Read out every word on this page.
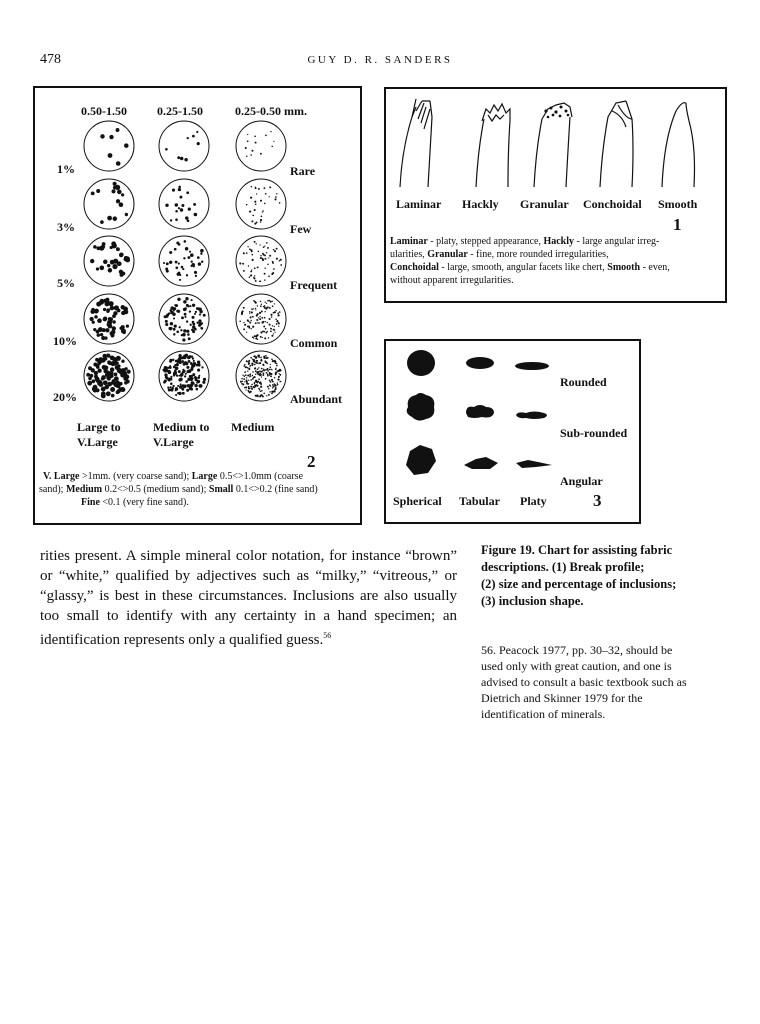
478	GUY D. R. SANDERS
0.50-1.50	0.25-1.50	0.25-0.50 mm.
1%
3%
5%
10%
20%
Rare
Few
Frequent
Common
Abundant
Large to
V.Large
Medium to
V.Large
Medium
2
V. Large >1mm. (very coarse sand); Large 0.5<>1.0mm (coarse
sand); Medium 0.2<>0.5 (medium sand); Small 0.1<>0.2 (fine sand)
Fine <0.1 (very fine sand).
Laminar Hackly Granular Conchoidal Smooth
1
Laminar - platy, stepped appearance, Hackly - large angular irreg-
ularities, Granular - fine, more rounded irregularities,
Conchoidal - large, smooth, angular facets like chert, Smooth - even,
without apparent irregularities.
Rounded
Sub-rounded
Angular
Spherical Tabular Platy	3
rities present. A simple mineral color notation, for instance “brown” or “white,” qualified by adjectives such as “milky,” “vitreous,” or “glassy,” is best in these circumstances. Inclusions are also usually too small to identify with any certainty in a hand specimen; an identification represents only a qualified guess.$^{56}$
Figure 19. Chart for assisting fabric
descriptions. (1) Break profile;
(2) size and percentage of inclusions;
(3) inclusion shape.
56. Peacock 1977, pp. 30–32, should be used only with great caution, and one is advised to consult a basic textbook such as Dietrich and Skinner 1979 for the identification of minerals.
